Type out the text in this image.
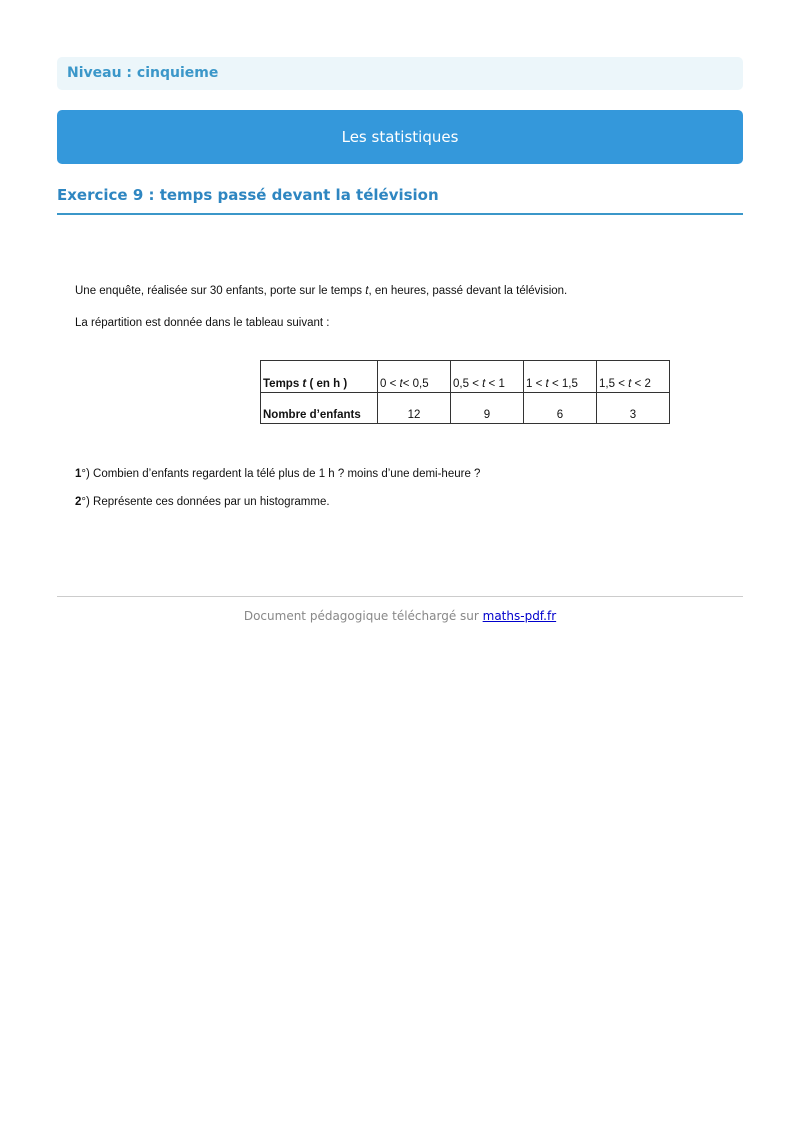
Niveau : cinquieme
Les statistiques
Exercice 9 : temps passé devant la télévision
Une enquête, réalisée sur 30 enfants, porte sur le temps t, en heures, passé devant la télévision.
La répartition est donnée dans le tableau suivant :
Temps t ( en h )	0 < t< 0,5	0,5 < t < 1	1 < t < 1,5	1,5 < t < 2
Nombre d’enfants	12	9	6	3
1°) Combien d’enfants regardent la télé plus de 1 h ? moins d’une demi-heure ?
2°) Représente ces données par un histogramme.
Document pédagogique téléchargé sur maths-pdf.fr
